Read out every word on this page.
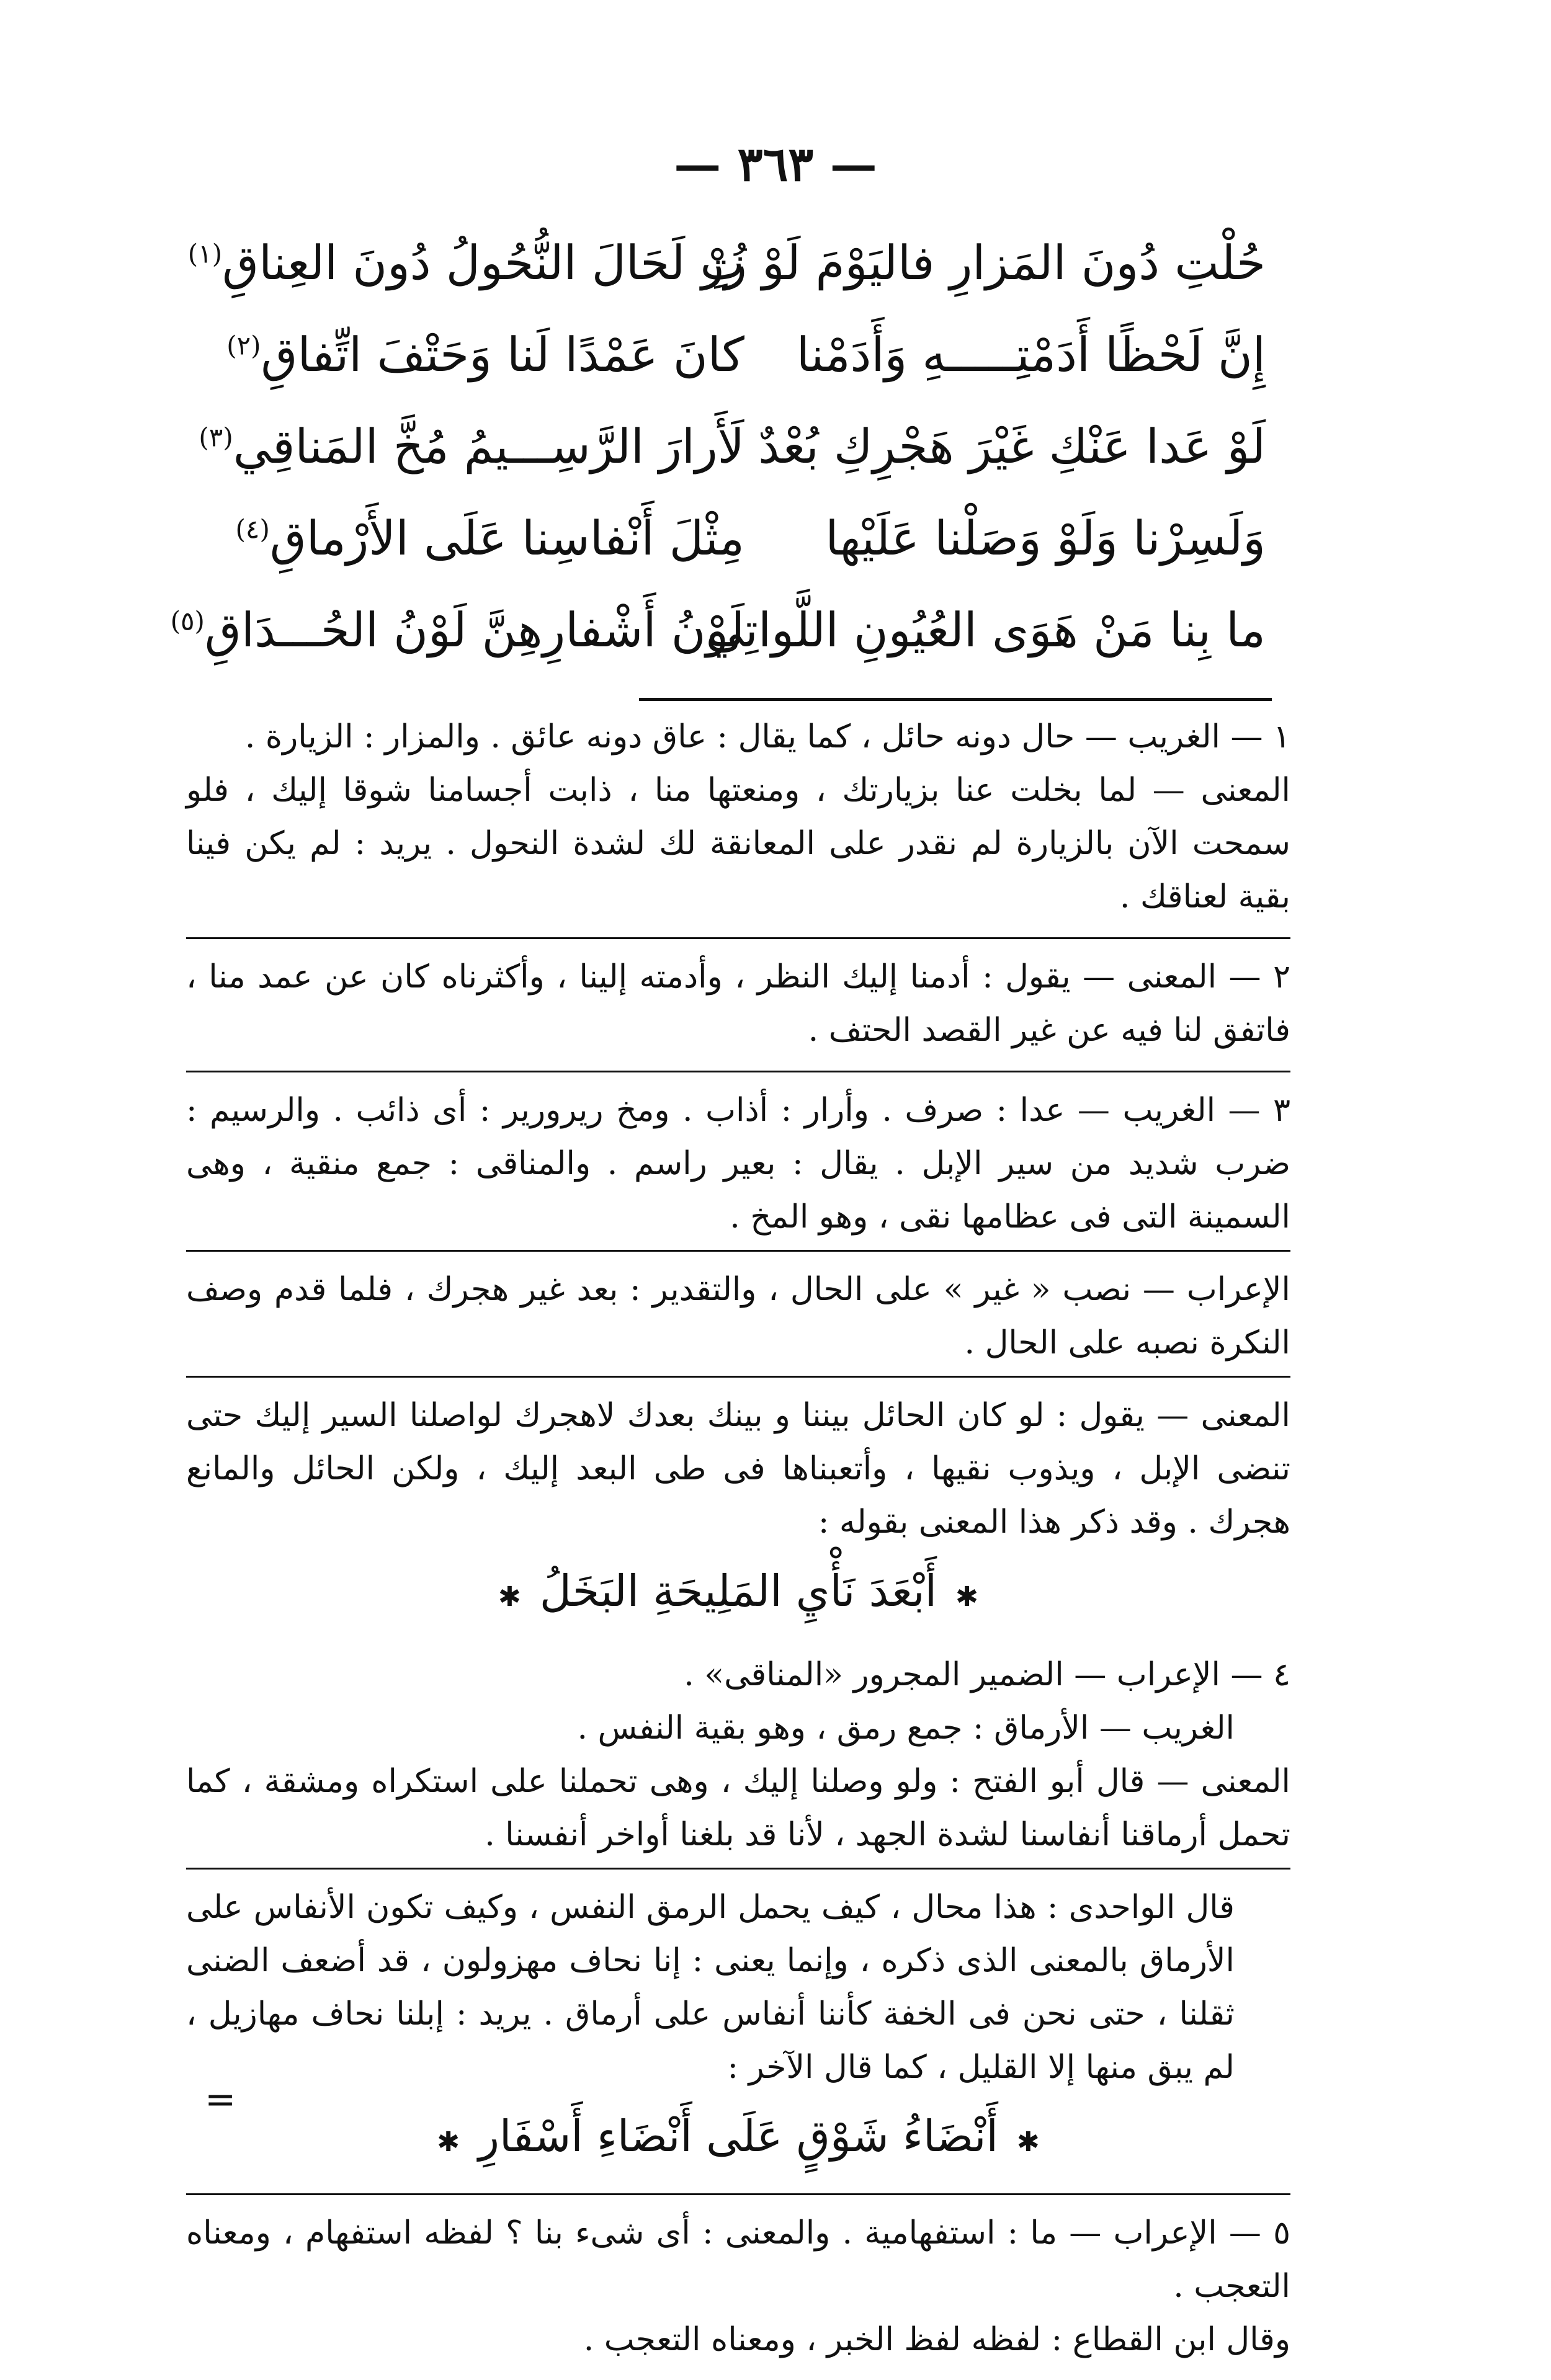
— ٣٦٣ —
حُلْتِ دُونَ المَزارِ فاليَوْمَ لَوْ زُرْ
تِ لَحَالَ النُّحُولُ دُونَ العِناقِ$^{(١)}$
إِنَّ لَحْظًا أَدَمْتِـــــهِ وَأَدَمْنا
كانَ عَمْدًا لَنا وَحَتْفَ اتِّفاقِ$^{(٢)}$
لَوْ عَدا عَنْكِ غَيْرَ هَجْرِكِ بُعْدٌ
لَأَرارَ الرَّسِـــيمُ مُخَّ المَناقِي$^{(٣)}$
وَلَسِرْنا وَلَوْ وَصَلْنا عَلَيْها
مِثْلَ أَنْفاسِنا عَلَى الأَرْماقِ$^{(٤)}$
ما بِنا مَنْ هَوَى العُيُونِ اللَّواتِي
لَوْنُ أَشْفارِهِنَّ لَوْنُ الحُـــدَاقِ$^{(٥)}$

١ — الغريب — حال دونه حائل ، كما يقال : عاق دونه عائق . والمزار : الزيارة .

المعنى — لما بخلت عنا بزيارتك ، ومنعتها منا ، ذابت أجسامنا شوقا إليك ، فلو سمحت الآن بالزيارة لم نقدر على المعانقة لك لشدة النحول . يريد : لم يكن فينا بقية لعناقك .

٢ — المعنى — يقول : أدمنا إليك النظر ، وأدمته إلينا ، وأكثرناه كان عن عمد منا ، فاتفق لنا فيه عن غير القصد الحتف .

٣ — الغريب — عدا : صرف . وأرار : أذاب . ومخ ريرورير : أى ذائب . والرسيم : ضرب شديد من سير الإبل . يقال : بعير راسم . والمناقى : جمع منقية ، وهى السمينة التى فى عظامها نقى ، وهو المخ .

الإعراب — نصب « غير » على الحال ، والتقدير : بعد غير هجرك ، فلما قدم وصف النكرة نصبه على الحال .

المعنى — يقول : لو كان الحائل بيننا و بينك بعدك لاهجرك لواصلنا السير إليك حتى تنضى الإبل ، ويذوب نقيها ، وأتعبناها فى طى البعد إليك ، ولكن الحائل والمانع هجرك . وقد ذكر هذا المعنى بقوله :

✱أَبْعَدَ نَأْيِ المَلِيحَةِ البَخَلُ✱

٤ — الإعراب — الضمير المجرور «المناقى» .

الغريب — الأرماق : جمع رمق ، وهو بقية النفس .

المعنى — قال أبو الفتح : ولو وصلنا إليك ، وهى تحملنا على استكراه ومشقة ، كما تحمل أرماقنا أنفاسنا لشدة الجهد ، لأنا قد بلغنا أواخر أنفسنا .

قال الواحدى : هذا محال ، كيف يحمل الرمق النفس ، وكيف تكون الأنفاس على الأرماق بالمعنى الذى ذكره ، وإنما يعنى : إنا نحاف مهزولون ، قد أضعف الضنى ثقلنا ، حتى نحن فى الخفة كأننا أنفاس على أرماق . يريد : إبلنا نحاف مهازيل ، لم يبق منها إلا القليل ، كما قال الآخر :

✱أَنْضَاءُ شَوْقٍ عَلَى أَنْضَاءِ أَسْفَارِ✱

٥ — الإعراب — ما : استفهامية . والمعنى : أى شىء بنا ؟ لفظه استفهام ، ومعناه التعجب .

وقال ابن القطاع : لفظه لفظ الخبر ، ومعناه التعجب .

=
